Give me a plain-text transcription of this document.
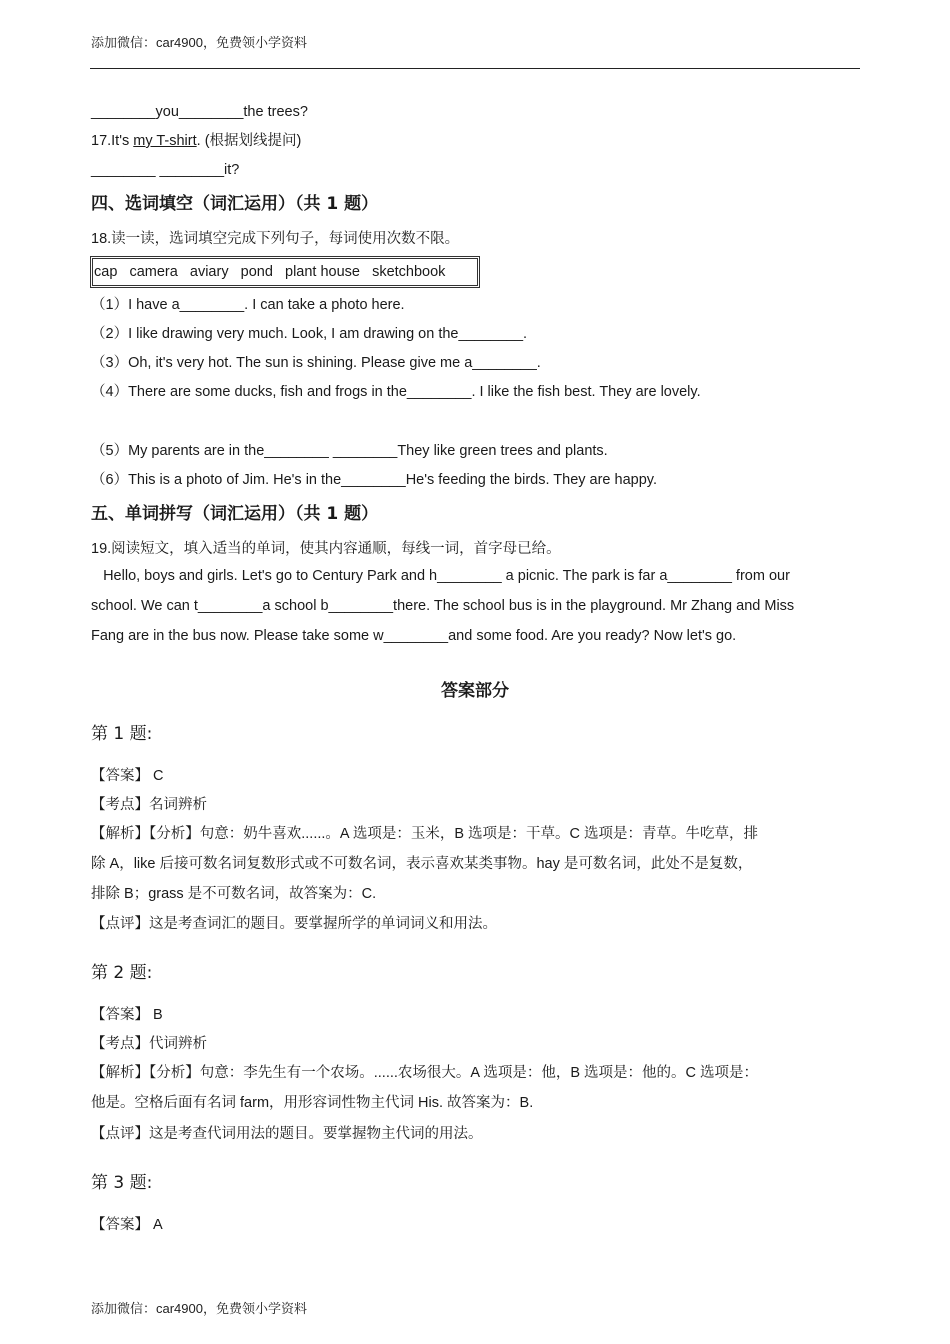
添加微信：car4900，免费领小学资料
________you________the trees?
17.It's my T-shirt. (根据划线提问)
________ ________it?
四、选词填空（词汇运用）（共 1 题）
18.读一读，选词填空完成下列句子，每词使用次数不限。
cap   camera   aviary   pond   plant house   sketchbook
（1）I have a________. I can take a photo here.
（2）I like drawing very much. Look, I am drawing on the________.
（3）Oh, it's very hot. The sun is shining. Please give me a________.
（4）There are some ducks, fish and frogs in the________. I like the fish best. They are lovely.
（5）My parents are in the________ ________They like green trees and plants.
（6）This is a photo of Jim. He's in the________He's feeding the birds. They are happy.
五、单词拼写（词汇运用）（共 1 题）
19.阅读短文，填入适当的单词，使其内容通顺，每线一词，首字母已给。
Hello, boys and girls. Let's go to Century Park and h________ a picnic. The park is far a________ from our
school. We can t________a school b________there. The school bus is in the playground. Mr Zhang and Miss
Fang are in the bus now. Please take some w________and some food. Are you ready? Now let's go.
答案部分
第 1 题:
【答案】 C
【考点】名词辨析
【解析】【分析】句意：奶牛喜欢......。A 选项是：玉米，B 选项是：干草。C 选项是：青草。牛吃草，排
除 A，like 后接可数名词复数形式或不可数名词，表示喜欢某类事物。hay 是可数名词，此处不是复数，
排除 B；grass 是不可数名词，故答案为：C.
【点评】这是考查词汇的题目。要掌握所学的单词词义和用法。
第 2 题:
【答案】 B
【考点】代词辨析
【解析】【分析】句意：李先生有一个农场。......农场很大。A 选项是：他，B 选项是：他的。C 选项是：
他是。空格后面有名词 farm，用形容词性物主代词 His. 故答案为：B.
【点评】这是考查代词用法的题目。要掌握物主代词的用法。
第 3 题:
【答案】 A
添加微信：car4900，免费领小学资料
